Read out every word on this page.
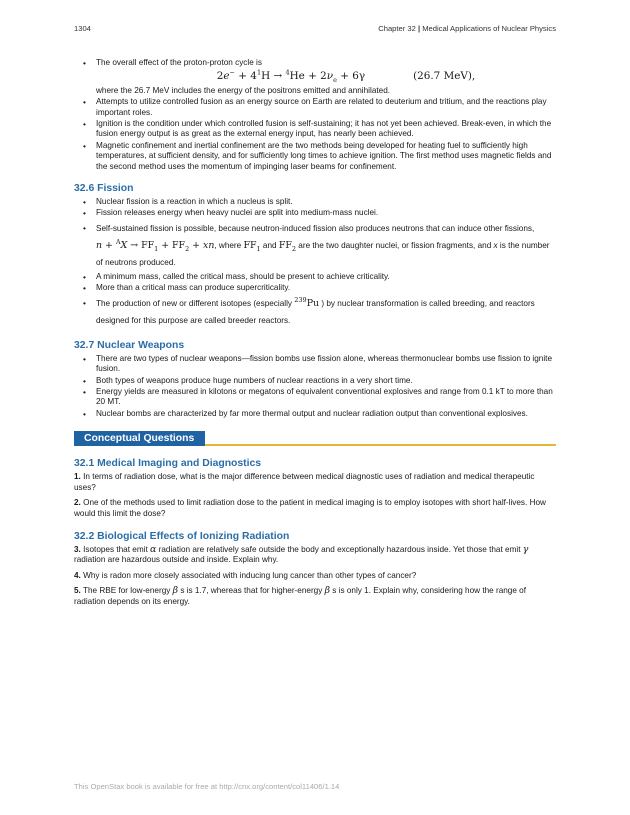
1304	Chapter 32 | Medical Applications of Nuclear Physics
• The overall effect of the proton-proton cycle is
$2e^- + 4^1H \to ^4He + 2\nu_e + 6\gamma$	(26.7 MeV),
where the 26.7 MeV includes the energy of the positrons emitted and annihilated.
• Attempts to utilize controlled fusion as an energy source on Earth are related to deuterium and tritium, and the reactions play important roles.
• Ignition is the condition under which controlled fusion is self-sustaining; it has not yet been achieved. Break-even, in which the fusion energy output is as great as the external energy input, has nearly been achieved.
• Magnetic confinement and inertial confinement are the two methods being developed for heating fuel to sufficiently high temperatures, at sufficient density, and for sufficiently long times to achieve ignition. The first method uses magnetic fields and the second method uses the momentum of impinging laser beams for confinement.
32.6 Fission
• Nuclear fission is a reaction in which a nucleus is split.
• Fission releases energy when heavy nuclei are split into medium-mass nuclei.
• Self-sustained fission is possible, because neutron-induced fission also produces neutrons that can induce other fissions,
$n + ^AX \to FF_1 + FF_2$ + xn, where $FF_1$ and $FF_2$ are the two daughter nuclei, or fission fragments, and x is the number of neutrons produced.
• A minimum mass, called the critical mass, should be present to achieve criticality.
• More than a critical mass can produce supercriticality.
• The production of new or different isotopes (especially $^{239}$Pu ) by nuclear transformation is called breeding, and reactors designed for this purpose are called breeder reactors.
32.7 Nuclear Weapons
• There are two types of nuclear weapons—fission bombs use fission alone, whereas thermonuclear bombs use fission to ignite fusion.
• Both types of weapons produce huge numbers of nuclear reactions in a very short time.
• Energy yields are measured in kilotons or megatons of equivalent conventional explosives and range from 0.1 kT to more than 20 MT.
• Nuclear bombs are characterized by far more thermal output and nuclear radiation output than conventional explosives.
Conceptual Questions
32.1 Medical Imaging and Diagnostics

1. In terms of radiation dose, what is the major difference between medical diagnostic uses of radiation and medical therapeutic uses?

2. One of the methods used to limit radiation dose to the patient in medical imaging is to employ isotopes with short half-lives. How would this limit the dose?

32.2 Biological Effects of Ionizing Radiation

3. Isotopes that emit α radiation are relatively safe outside the body and exceptionally hazardous inside. Yet those that emit γ radiation are hazardous outside and inside. Explain why.

4. Why is radon more closely associated with inducing lung cancer than other types of cancer?

5. The RBE for low-energy β s is 1.7, whereas that for higher-energy β s is only 1. Explain why, considering how the range of radiation depends on its energy.

This OpenStax book is available for free at http://cnx.org/content/col11406/1.14
